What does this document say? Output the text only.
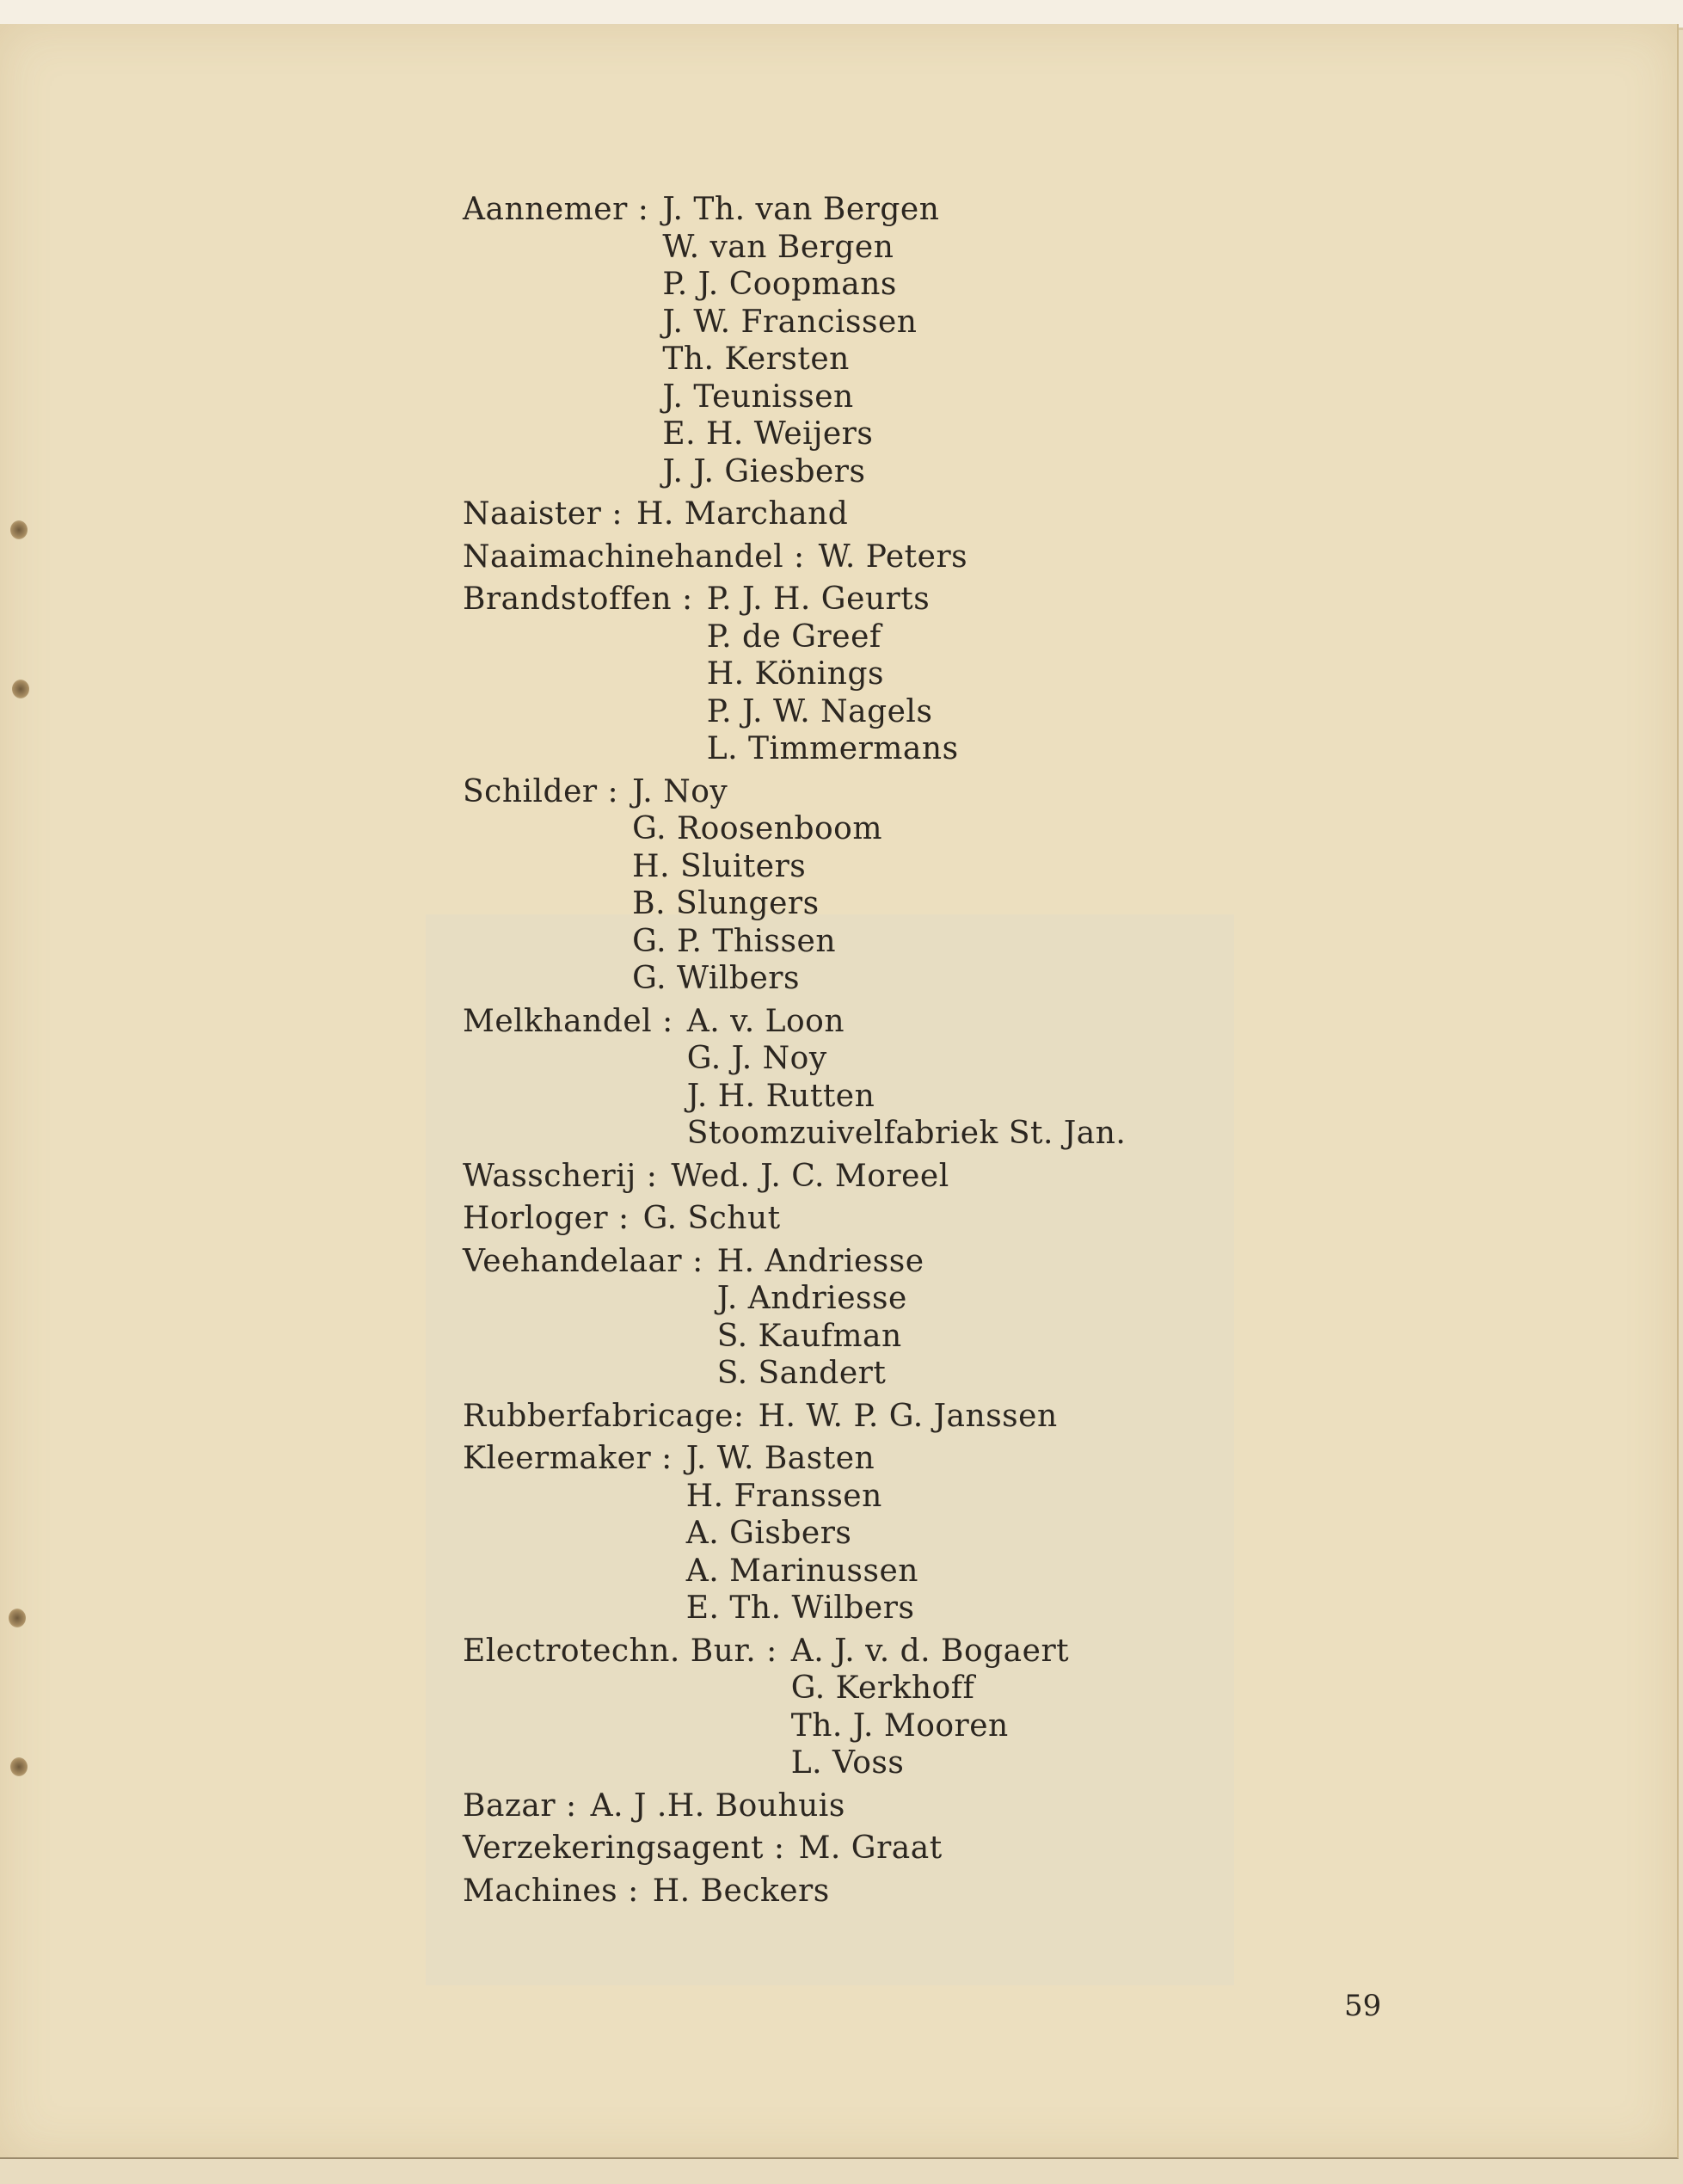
Aannemer : J. Th. van Bergen
W. van Bergen
P. J. Coopmans
J. W. Francissen
Th. Kersten
J. Teunissen
E. H. Weijers
J. J. Giesbers
Naaister : H. Marchand
Naaimachinehandel : W. Peters
Brandstoffen : P. J. H. Geurts
P. de Greef
H. Könings
P. J. W. Nagels
L. Timmermans
Schilder : J. Noy
G. Roosenboom
H. Sluiters
B. Slungers
G. P. Thissen
G. Wilbers
Melkhandel : A. v. Loon
G. J. Noy
J. H. Rutten
Stoomzuivelfabriek St. Jan.
Wasscherij : Wed. J. C. Moreel
Horloger : G. Schut
Veehandelaar : H. Andriesse
J. Andriesse
S. Kaufman
S. Sandert
Rubberfabricage: H. W. P. G. Janssen
Kleermaker : J. W. Basten
H. Franssen
A. Gisbers
A. Marinussen
E. Th. Wilbers
Electrotechn. Bur. : A. J. v. d. Bogaert
G. Kerkhoff
Th. J. Mooren
L. Voss
Bazar : A. J .H. Bouhuis
Verzekeringsagent : M. Graat
Machines : H. Beckers
59
